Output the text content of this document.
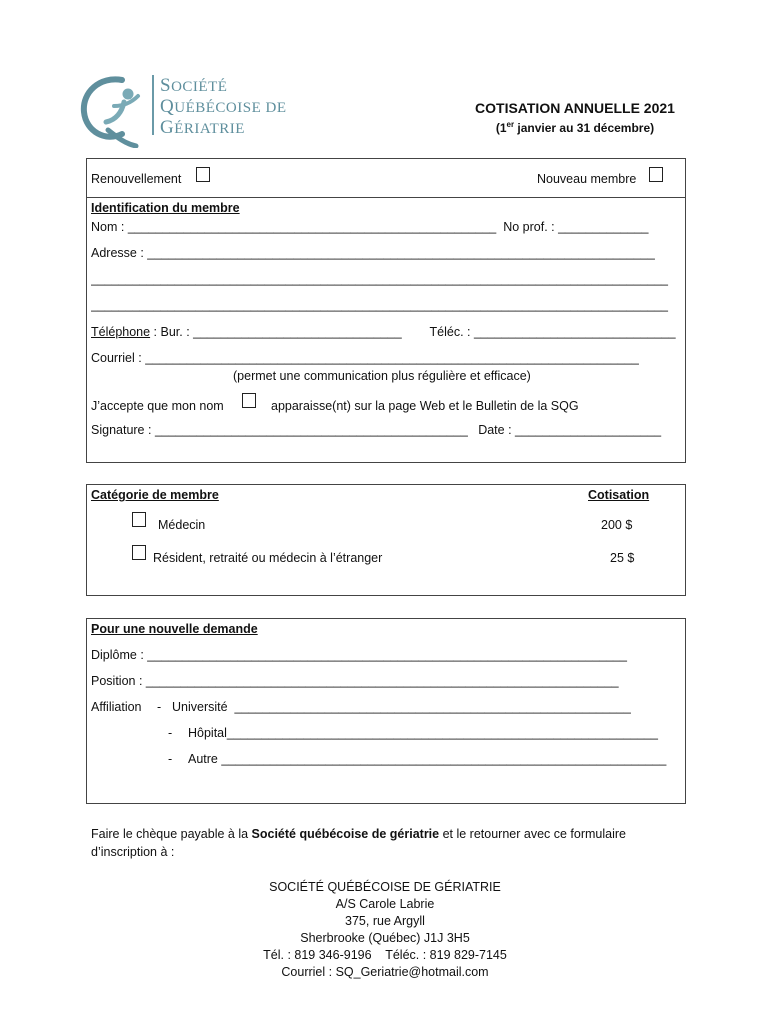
SOCIÉTÉ
QUÉBÉCOISE DE
GÉRIATRIE
COTISATION ANNUELLE 2021
(1er janvier au 31 décembre)
Renouvellement	Nouveau membre
Identification du membre
Nom : _____________________________________________________ No prof. : _____________
Adresse : _________________________________________________________________________
___________________________________________________________________________________
___________________________________________________________________________________
Téléphone : Bur. : ______________________________ Téléc. : _____________________________
Courriel : _______________________________________________________________________
(permet une communication plus régulière et efficace)
J’accepte que mon nom	apparaisse(nt) sur la page Web et le Bulletin de la SQG
Signature : _____________________________________________ Date : _____________________
Catégorie de membre	Cotisation
Médecin	200 $
Résident, retraité ou médecin à l’étranger	25 $
Pour une nouvelle demande
Diplôme : _____________________________________________________________________
Position : ____________________________________________________________________
Affiliation - Université _________________________________________________________
- Hôpital______________________________________________________________
- Autre ________________________________________________________________
Faire le chèque payable à la Société québécoise de gériatrie et le retourner avec ce formulaire
d’inscription à :
SOCIÉTÉ QUÉBÉCOISE DE GÉRIATRIE
A/S Carole Labrie
375, rue Argyll
Sherbrooke (Québec) J1J 3H5
Tél. : 819 346-9196    Téléc. : 819 829-7145
Courriel : SQ_Geriatrie@hotmail.com
